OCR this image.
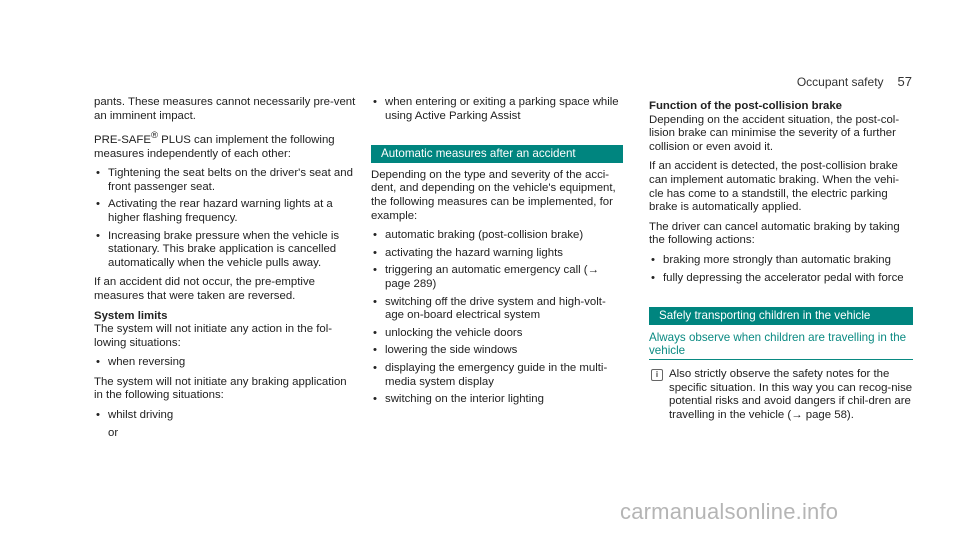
Occupant safety 57

pants. These measures cannot necessarily pre-vent an imminent impact.

PRE-SAFE® PLUS can implement the following measures independently of each other:

• Tightening the seat belts on the driver's seat and front passenger seat.
• Activating the rear hazard warning lights at a higher flashing frequency.
• Increasing brake pressure when the vehicle is stationary. This brake application is cancelled automatically when the vehicle pulls away.

If an accident did not occur, the pre-emptive measures that were taken are reversed.

System limits

The system will not initiate any action in the fol-lowing situations:

• when reversing

The system will not initiate any braking application in the following situations:

• whilst driving
or
• when entering or exiting a parking space while using Active Parking Assist
Automatic measures after an accident

Depending on the type and severity of the acci-dent, and depending on the vehicle's equipment, the following measures can be implemented, for example:

• automatic braking (post-collision brake)
• activating the hazard warning lights
• triggering an automatic emergency call (→ page 289)
• switching off the drive system and high-volt-age on-board electrical system
• unlocking the vehicle doors
• lowering the side windows
• displaying the emergency guide in the multi-media system display
• switching on the interior lighting
Function of the post-collision brake

Depending on the accident situation, the post-col-lision brake can minimise the severity of a further collision or even avoid it.

If an accident is detected, the post-collision brake can implement automatic braking. When the vehi-cle has come to a standstill, the electric parking brake is automatically applied.

The driver can cancel automatic braking by taking the following actions:

• braking more strongly than automatic braking
• fully depressing the accelerator pedal with force
Safely transporting children in the vehicle
Always observe when children are travelling in the vehicle
i Also strictly observe the safety notes for the specific situation. In this way you can recog-nise potential risks and avoid dangers if chil-dren are travelling in the vehicle (→ page 58).
carmanualsonline.info
